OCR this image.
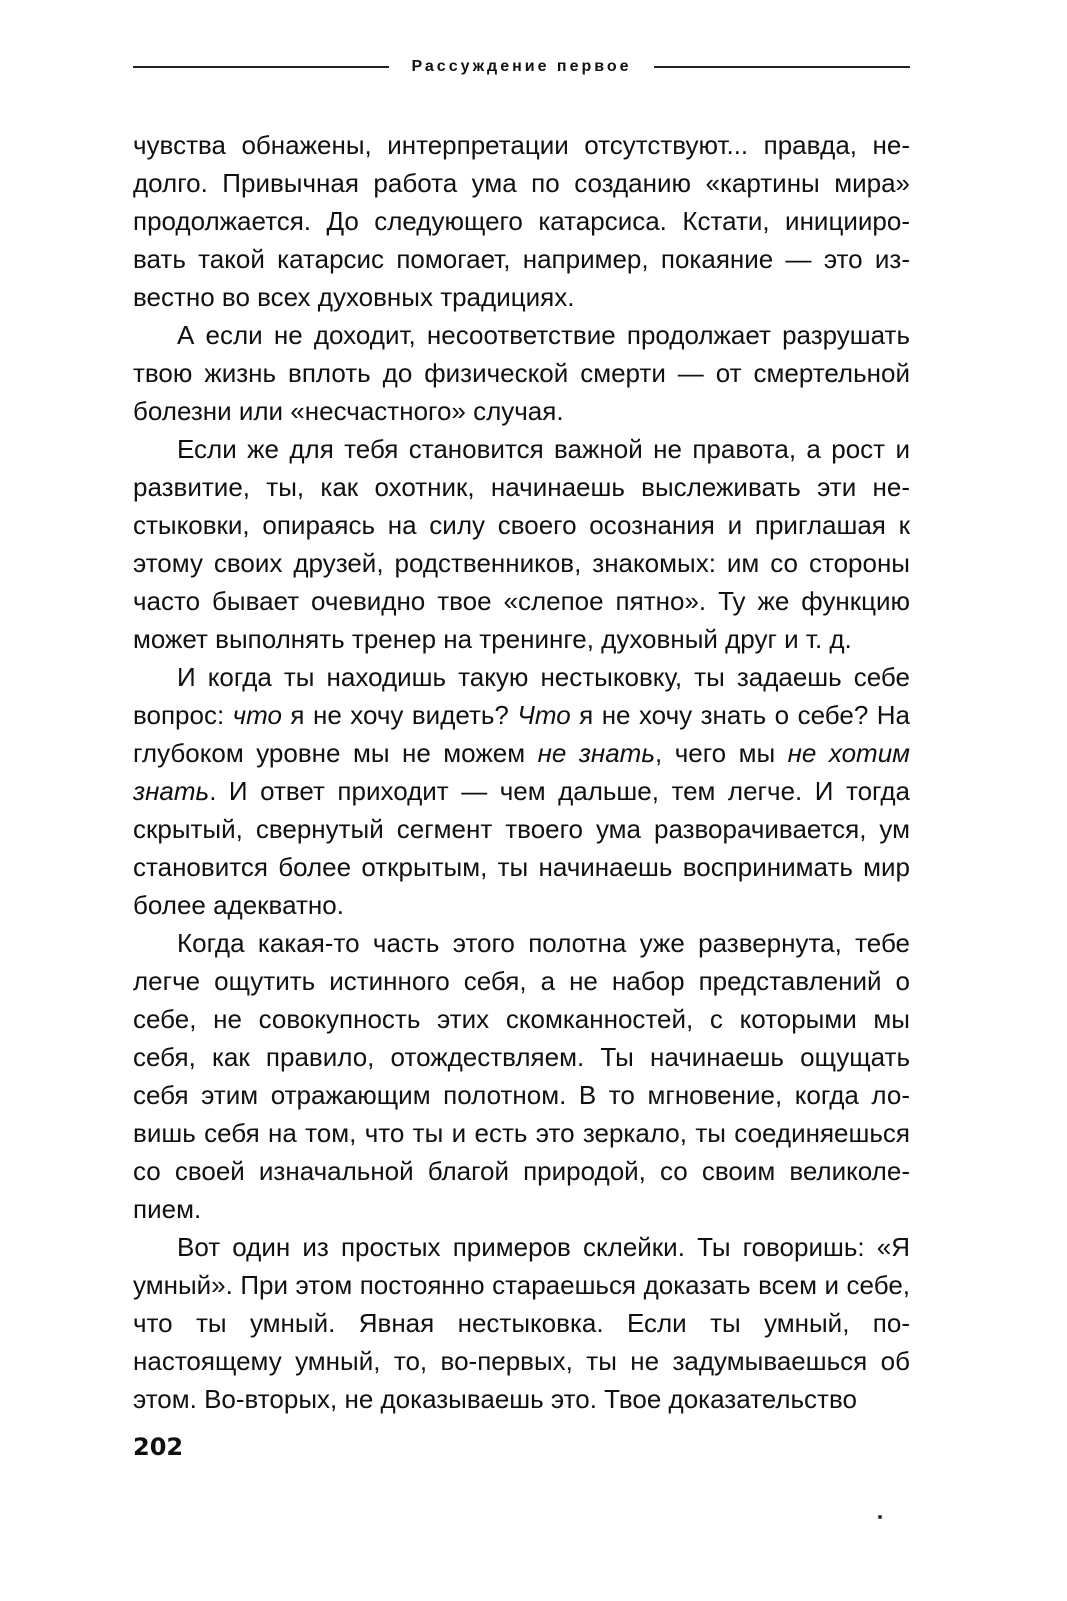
Рассуждение первое

чувства обнажены, интерпретации отсутствуют... правда, недолго. Привычная работа ума по созданию «картины мира» продолжается. До следующего катарсиса. Кстати, инициировать такой катарсис помогает, например, покаяние — это известно во всех духовных традициях.

А если не доходит, несоответствие продолжает разрушать твою жизнь вплоть до физической смерти — от смертельной болезни или «несчастного» случая.

Если же для тебя становится важной не правота, а рост и развитие, ты, как охотник, начинаешь выслеживать эти нестыковки, опираясь на силу своего осознания и приглашая к этому своих друзей, родственников, знакомых: им со стороны часто бывает очевидно твое «слепое пятно». Ту же функцию может выполнять тренер на тренинге, духовный друг и т. д.

И когда ты находишь такую нестыковку, ты задаешь себе вопрос: что я не хочу видеть? Что я не хочу знать о себе? На глубоком уровне мы не можем не знать, чего мы не хотим знать. И ответ приходит — чем дальше, тем легче. И тогда скрытый, свернутый сегмент твоего ума разворачивается, ум становится более открытым, ты начинаешь воспринимать мир более адекватно.

Когда какая-то часть этого полотна уже развернута, тебе легче ощутить истинного себя, а не набор представлений о себе, не совокупность этих скомканностей, с которыми мы себя, как правило, отождествляем. Ты начинаешь ощущать себя этим отражающим полотном. В то мгновение, когда ловишь себя на том, что ты и есть это зеркало, ты соединяешься со своей изначальной благой природой, со своим великолепием.

Вот один из простых примеров склейки. Ты говоришь: «Я умный». При этом постоянно стараешься доказать всем и себе, что ты умный. Явная нестыковка. Если ты умный, по-настоящему умный, то, во-первых, ты не задумываешься об этом. Во-вторых, не доказываешь это. Твое доказательство

202
